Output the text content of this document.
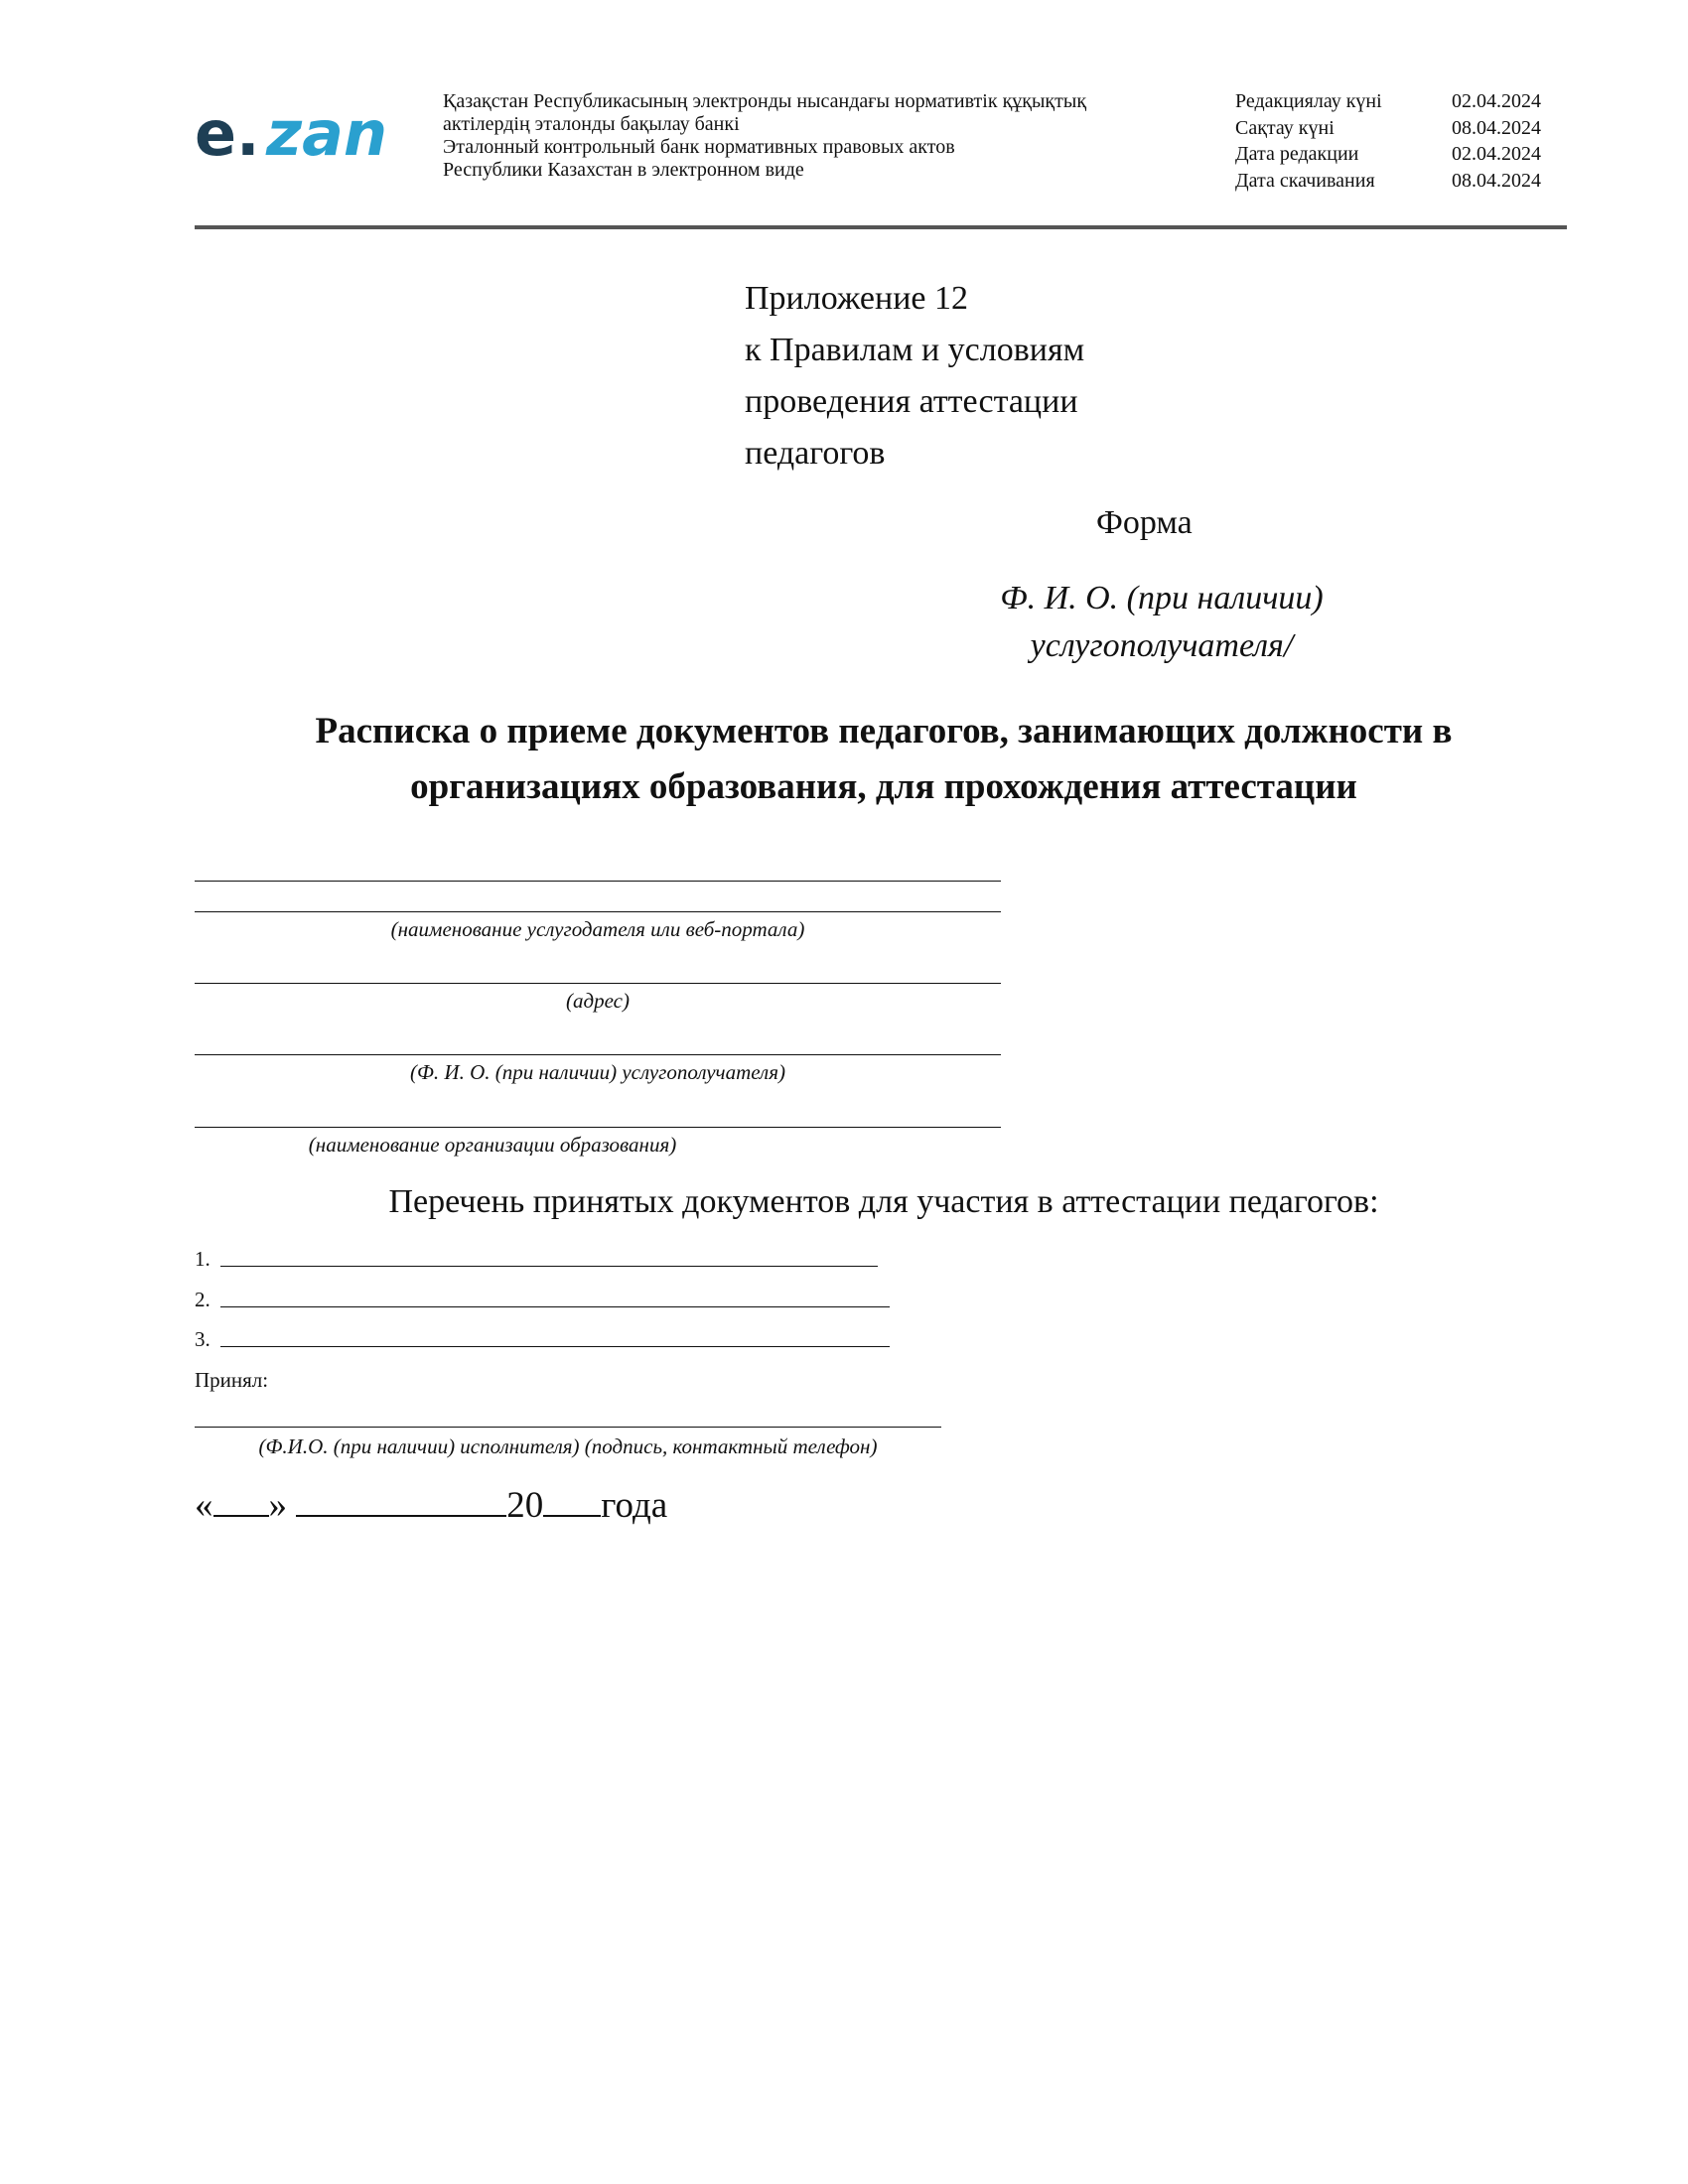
e. zan	Қазақстан Республикасының электронды нысандағы нормативтік құқықтық
актілердің эталонды бақылау банкі
Эталонный контрольный банк нормативных правовых актов
Республики Казахстан в электронном виде
Редакциялау күні	02.04.2024
Сақтау күні	08.04.2024
Дата редакции	02.04.2024
Дата скачивания	08.04.2024
Приложение 12
к Правилам и условиям
проведения аттестации
педагогов
Форма
Ф. И. О. (при наличии)
услугополучателя/
Расписка о приеме документов педагогов, занимающих должности в
организациях образования, для прохождения аттестации
(наименование услугодателя или веб-портала)
(адрес)
(Ф. И. О. (при наличии) услугополучателя)
(наименование организации образования)
Перечень принятых документов для участия в аттестации педагогов:
1.
2.
3.
Принял:
(Ф.И.О. (при наличии) исполнителя) (подпись, контактный телефон)
« »	20 года
